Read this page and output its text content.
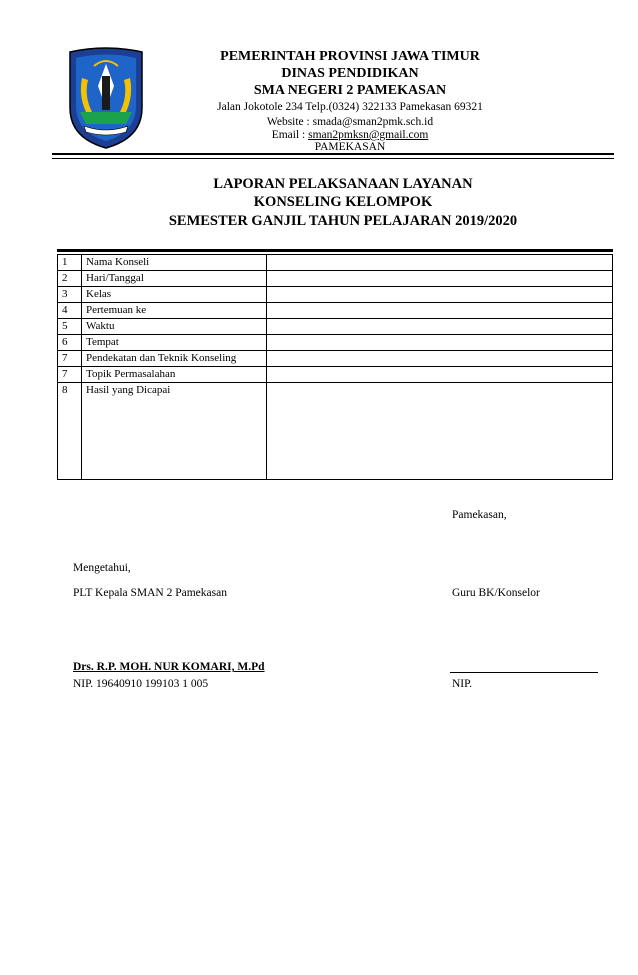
PEMERINTAH PROVINSI JAWA TIMUR
DINAS PENDIDIKAN
SMA NEGERI 2 PAMEKASAN
Jalan Jokotole 234 Telp.(0324) 322133 Pamekasan 69321
Website : smada@sman2pmk.sch.id
Email : sman2pmksn@gmail.com
PAMEKASAN
LAPORAN PELAKSANAAN LAYANAN
KONSELING KELOMPOK
SEMESTER GANJIL TAHUN PELAJARAN 2019/2020
1	Nama Konseli	
2	Hari/Tanggal	
3	Kelas	
4	Pertemuan ke	
5	Waktu	
6	Tempat	
7	Pendekatan dan Teknik Konseling	
7	Topik Permasalahan	
8	Hasil yang Dicapai	
Pamekasan,
Mengetahui,
PLT Kepala SMAN 2 Pamekasan	Guru BK/Konselor
Drs. R.P. MOH. NUR KOMARI, M.Pd
NIP. 19640910 199103 1 005	NIP.
